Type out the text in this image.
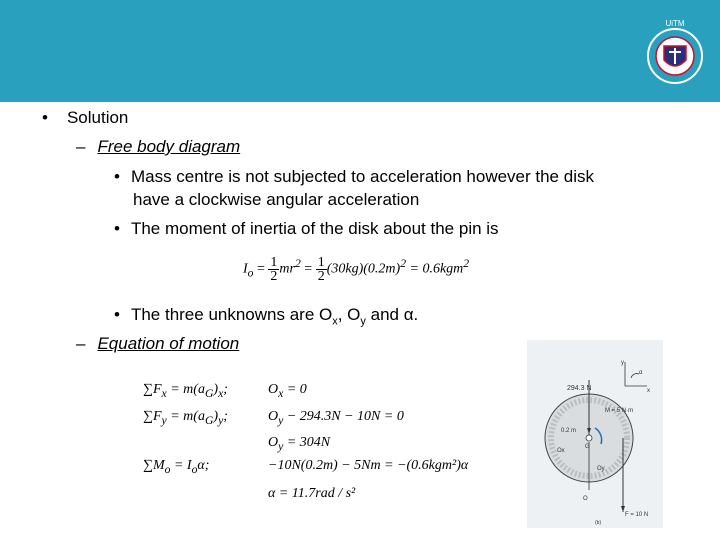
UiTM
• Solution
– Free body diagram
• Mass centre is not subjected to acceleration however the disk
have a clockwise angular acceleration
• The moment of inertia of the disk about the pin is
$I_o = \frac{1}{2} mr^2 = \frac{1}{2} (30kg)(0.2m)^2 = 0.6kgm^2$
• The three unknowns are $O_x$, $O_y$ and α.
– Equation of motion
$\sum F_x = m(a_G)_x$;	$O_x = 0$
$\sum F_y = m(a_G)_y$;	$O_y - 294.3N - 10N = 0$
$O_y = 304N$
$\sum M_o = I_o\alpha$;	−10N(0.2m) − 5Nm = −(0.6kgm²)α
α = 11.7rad / s²
y
x
α
294.3 N
M = 5 N·m
0.2 m
G
F = 10 N
O
Oy
Ox
(b)
